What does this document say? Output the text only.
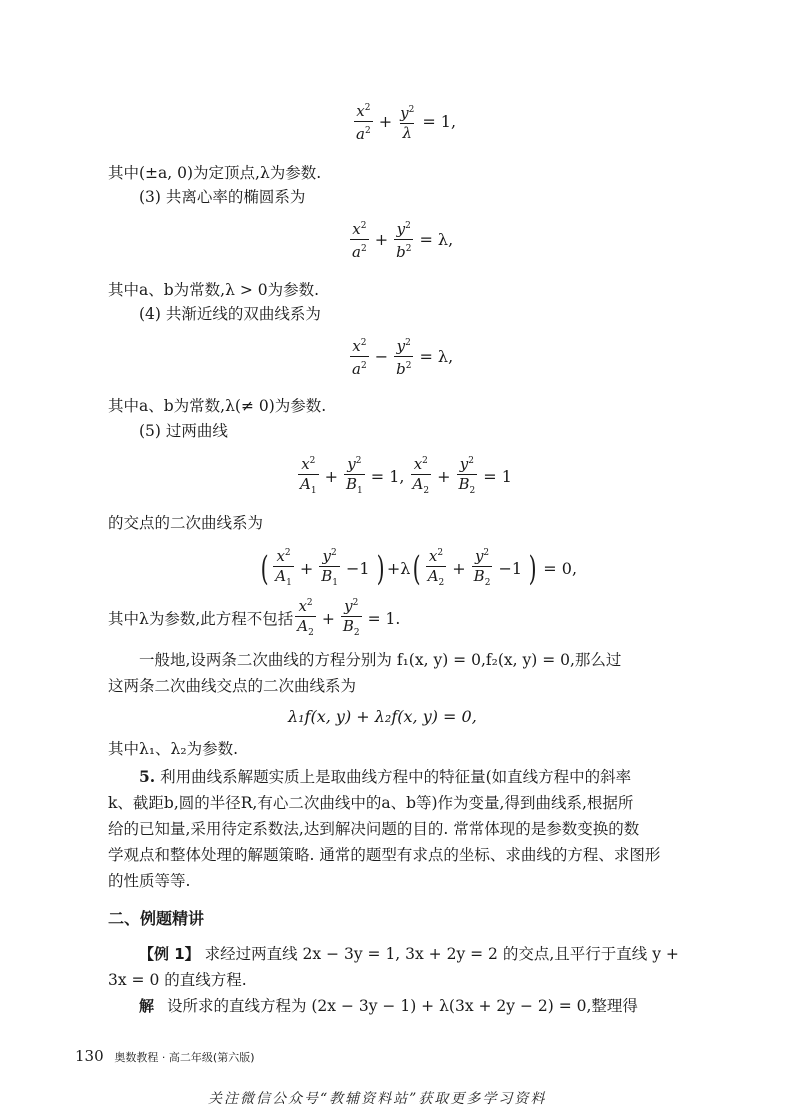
$\frac{x^2}{a^2} + \frac{y^2}{\lambda} = 1$,
其中(±a, 0)为定顶点,λ为参数.
(3) 共离心率的椭圆系为
$\frac{x^2}{a^2} + \frac{y^2}{b^2} = \lambda$,
其中a、b为常数,λ > 0为参数.
(4) 共渐近线的双曲线系为
$\frac{x^2}{a^2} - \frac{y^2}{b^2} = \lambda$,
其中a、b为常数,λ(≠ 0)为参数.
(5) 过两曲线
$\frac{x^2}{A_1} + \frac{y^2}{B_1} = 1$, $\frac{x^2}{A_2} + \frac{y^2}{B_2} = 1$
的交点的二次曲线系为
( $\frac{x^2}{A_1} + \frac{y^2}{B_1} -1$ ) +λ ( $\frac{x^2}{A_2} + \frac{y^2}{B_2} -1$ ) = 0,
其中λ为参数,此方程不包括 $\frac{x^2}{A_2} + \frac{y^2}{B_2} = 1$.
一般地,设两条二次曲线的方程分别为 f₁(x, y) = 0,f₂(x, y) = 0,那么过
这两条二次曲线交点的二次曲线系为
λ₁f(x, y) + λ₂f(x, y) = 0,
其中λ₁、λ₂为参数.
5. 利用曲线系解题实质上是取曲线方程中的特征量(如直线方程中的斜率
k、截距b,圆的半径R,有心二次曲线中的a、b等)作为变量,得到曲线系,根据所
给的已知量,采用待定系数法,达到解决问题的目的. 常常体现的是参数变换的数
学观点和整体处理的解题策略. 通常的题型有求点的坐标、求曲线的方程、求图形
的性质等等.
二、例题精讲
【例 1】 求经过两直线 2x − 3y = 1, 3x + 2y = 2 的交点,且平行于直线 y +
3x = 0 的直线方程.
解 设所求的直线方程为 (2x − 3y − 1) + λ(3x + 2y − 2) = 0,整理得
130 奥数教程 · 高二年级(第六版)
关注微信公众号“教辅资料站”获取更多学习资料
